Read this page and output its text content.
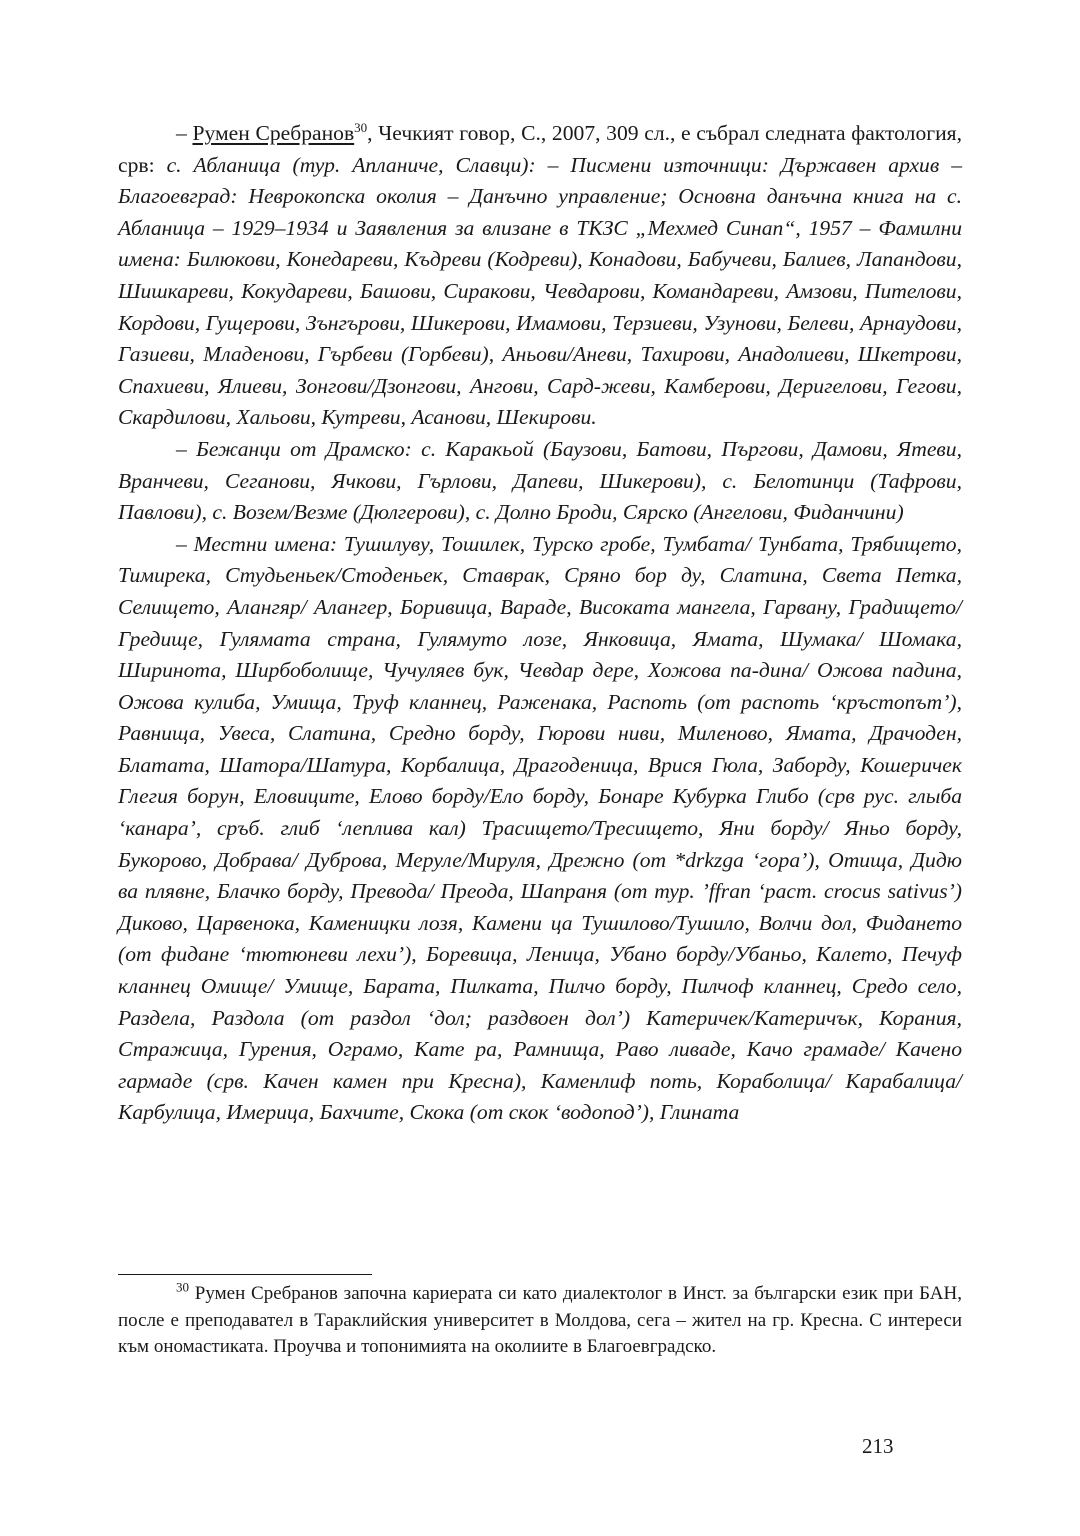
– Румен Сребранов$^{30}$, Чечкият говор, С., 2007, 309 сл., е събрал следната фактология, срв: с. Абланица (тур. Апланиче, Славци): – Писмени източници: Държавен архив – Благоевград: Неврокопска околия – Данъчно управление; Основна данъчна книга на с. Абланица – 1929–1934 и Заявления за влизане в ТКЗС „Мехмед Синап“, 1957 – Фамилни имена: Билюкови, Конедареви, Къдреви (Кодреви), Конадови, Бабучеви, Балиев, Лапандови, Шишкареви, Кокудареви, Башови, Сиракови, Чевдарови, Командареви, Амзови, Пителови, Кордови, Гущерови, Зънгърови, Шикерови, Имамови, Терзиеви, Узунови, Белеви, Арнаудови, Газиеви, Младенови, Гърбеви (Горбеви), Аньови/Аневи, Тахирови, Анадолиеви, Шкетрови, Спахиеви, Ялиеви, Зонгови/Дзонгови, Ангови, Сард-жеви, Камберови, Деригелови, Гегови, Скардилови, Хальови, Кутреви, Асанови, Шекирови.

– Бежанци от Драмско: с. Каракьой (Баузови, Батови, Пъргови, Дамови, Ятеви, Вранчеви, Сеганови, Ячкови, Гърлови, Дапеви, Шикерови), с. Белотинци (Тафрови, Павлови), с. Возем/Везме (Дюлгерови), с. Долно Броди, Сярско (Ангелови, Фиданчини)

– Местни имена: Тушилуву, Тошилек, Турско гробе, Тумбата/ Тунбата, Трябището, Тимирека, Студьеньек/Стоденьек, Ставрак, Сряно бор ду, Слатина, Света Петка, Селището, Алангяр/ Алангер, Боривица, Вараде, Високата мангела, Гарвану, Градището/Гредище, Гулямата страна, Гулямуто лозе, Янковица, Ямата, Шумака/ Шомака, Ширинота, Ширбоболище, Чучуляев бук, Чевдар дере, Хожова па-дина/ Ожова падина, Ожова кулиба, Умища, Труф кланнец, Раженака, Распоть (от распоть ‘кръстопът’), Равнища, Увеса, Слатина, Средно борду, Гюрови ниви, Миленово, Ямата, Драчоден, Блатата, Шатора/Шатура, Корбалица, Драгоденица, Врися Гюла, Заборду, Кошеричек Глегия борун, Еловиците, Елово борду/Ело борду, Бонаре Кубурка Глибо (срв рус. глыба ‘канара’, сръб. глиб ‘леплива кал) Трасището/Тресището, Яни борду/ Яньо борду, Букорово, Добрава/ Дуброва, Меруле/Мируля, Дрежно (от *drkzga ‘гора’), Отища, Дидю ва плявне, Блачко борду, Превода/ Преода, Шапраня (от тур. ’ffran ‘раст. crocus sativus’) Диково, Царвенока, Каменицки лозя, Камени ца Тушилово/Тушило, Волчи дол, Фидането (от фидане ‘тютюневи лехи’), Боревица, Леница, Убано борду/Убаньо, Калето, Печуф кланнец Омище/ Умище, Барата, Пилката, Пилчо борду, Пилчоф кланнец, Средо село, Раздела, Раздола (от раздол ‘дол; раздвоен дол’) Катеричек/Катеричък, Корания, Стражица, Гурения, Ограмо, Кате ра, Рамнища, Раво ливаде, Качо грамаде/ Качено гармаде (срв. Качен камен при Кресна), Каменлиф поть, Кораболица/ Карабалица/ Карбулица, Имерица, Бахчите, Скока (от скок ‘водопод’), Глината

$^{30}$ Румен Сребранов започна кариерата си като диалектолог в Инст. за български език при БАН, после е преподавател в Тараклийския университет в Молдова, сега – жител на гр. Кресна. С интереси към ономастиката. Проучва и топонимията на околиите в Благоевградско.

213
